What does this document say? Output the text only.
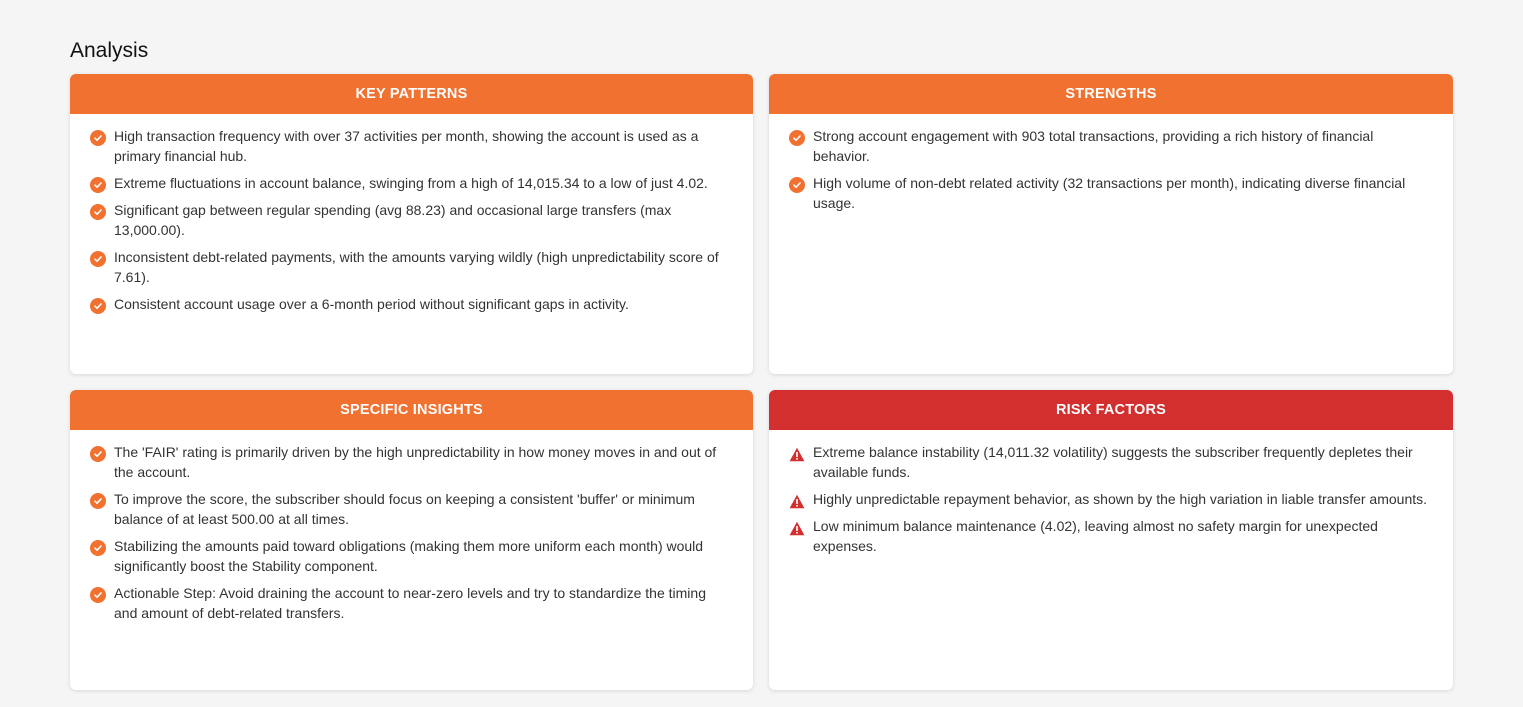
Analysis
KEY PATTERNS
High transaction frequency with over 37 activities per month, showing the account is used as a primary financial hub.
Extreme fluctuations in account balance, swinging from a high of 14,015.34 to a low of just 4.02.
Significant gap between regular spending (avg 88.23) and occasional large transfers (max 13,000.00).
Inconsistent debt-related payments, with the amounts varying wildly (high unpredictability score of 7.61).
Consistent account usage over a 6-month period without significant gaps in activity.
STRENGTHS
Strong account engagement with 903 total transactions, providing a rich history of financial behavior.
High volume of non-debt related activity (32 transactions per month), indicating diverse financial usage.
SPECIFIC INSIGHTS
The 'FAIR' rating is primarily driven by the high unpredictability in how money moves in and out of the account.
To improve the score, the subscriber should focus on keeping a consistent 'buffer' or minimum balance of at least 500.00 at all times.
Stabilizing the amounts paid toward obligations (making them more uniform each month) would significantly boost the Stability component.
Actionable Step: Avoid draining the account to near-zero levels and try to standardize the timing and amount of debt-related transfers.
RISK FACTORS
Extreme balance instability (14,011.32 volatility) suggests the subscriber frequently depletes their available funds.
Highly unpredictable repayment behavior, as shown by the high variation in liable transfer amounts.
Low minimum balance maintenance (4.02), leaving almost no safety margin for unexpected expenses.
